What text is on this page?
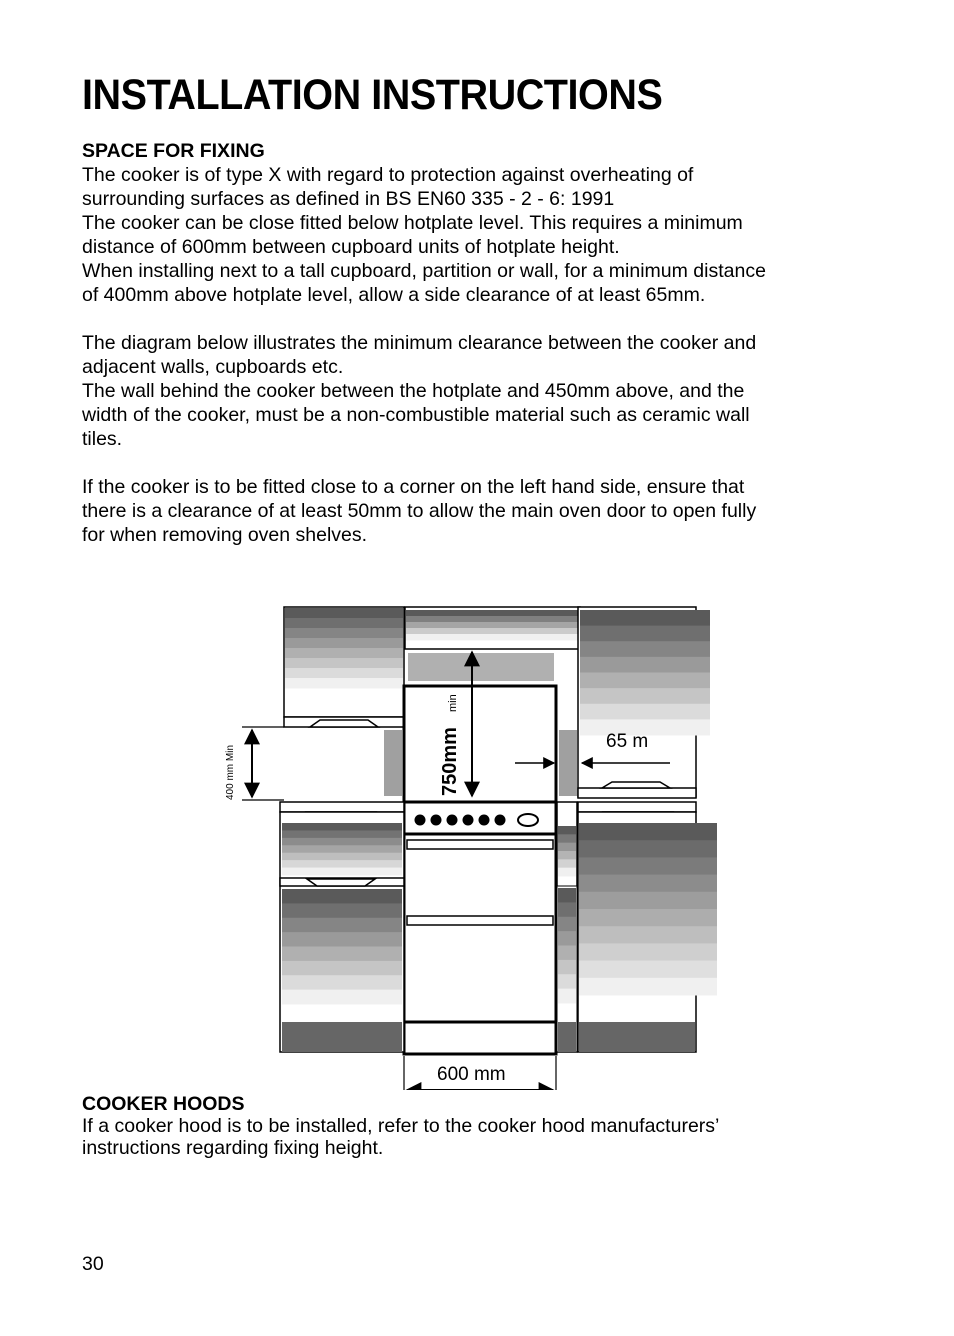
INSTALLATION INSTRUCTIONS
SPACE FOR FIXING

The cooker is of type X with regard to protection against overheating of

surrounding surfaces as defined in BS EN60 335 - 2 - 6: 1991

The cooker can be close fitted below hotplate level. This requires a minimum

distance of 600mm between cupboard units of hotplate height.

When installing next to a tall cupboard, partition or wall, for a minimum distance

of 400mm above hotplate level, allow a side clearance of at least 65mm.

The diagram below illustrates the minimum clearance between the cooker and

adjacent walls, cupboards etc.

The wall behind the cooker between the hotplate and 450mm above, and the

width of the cooker, must be a non-combustible material such as ceramic wall

tiles.

If the cooker is to be fitted close to a corner on the left hand side, ensure that

there is a clearance of at least 50mm to allow the main oven door to open fully

for when removing oven shelves.

400 mm Min	750mm
min
65 m
600 mm
COOKER HOODS

If a cooker hood is to be installed, refer to the cooker hood manufacturers’

instructions regarding fixing height.

30
